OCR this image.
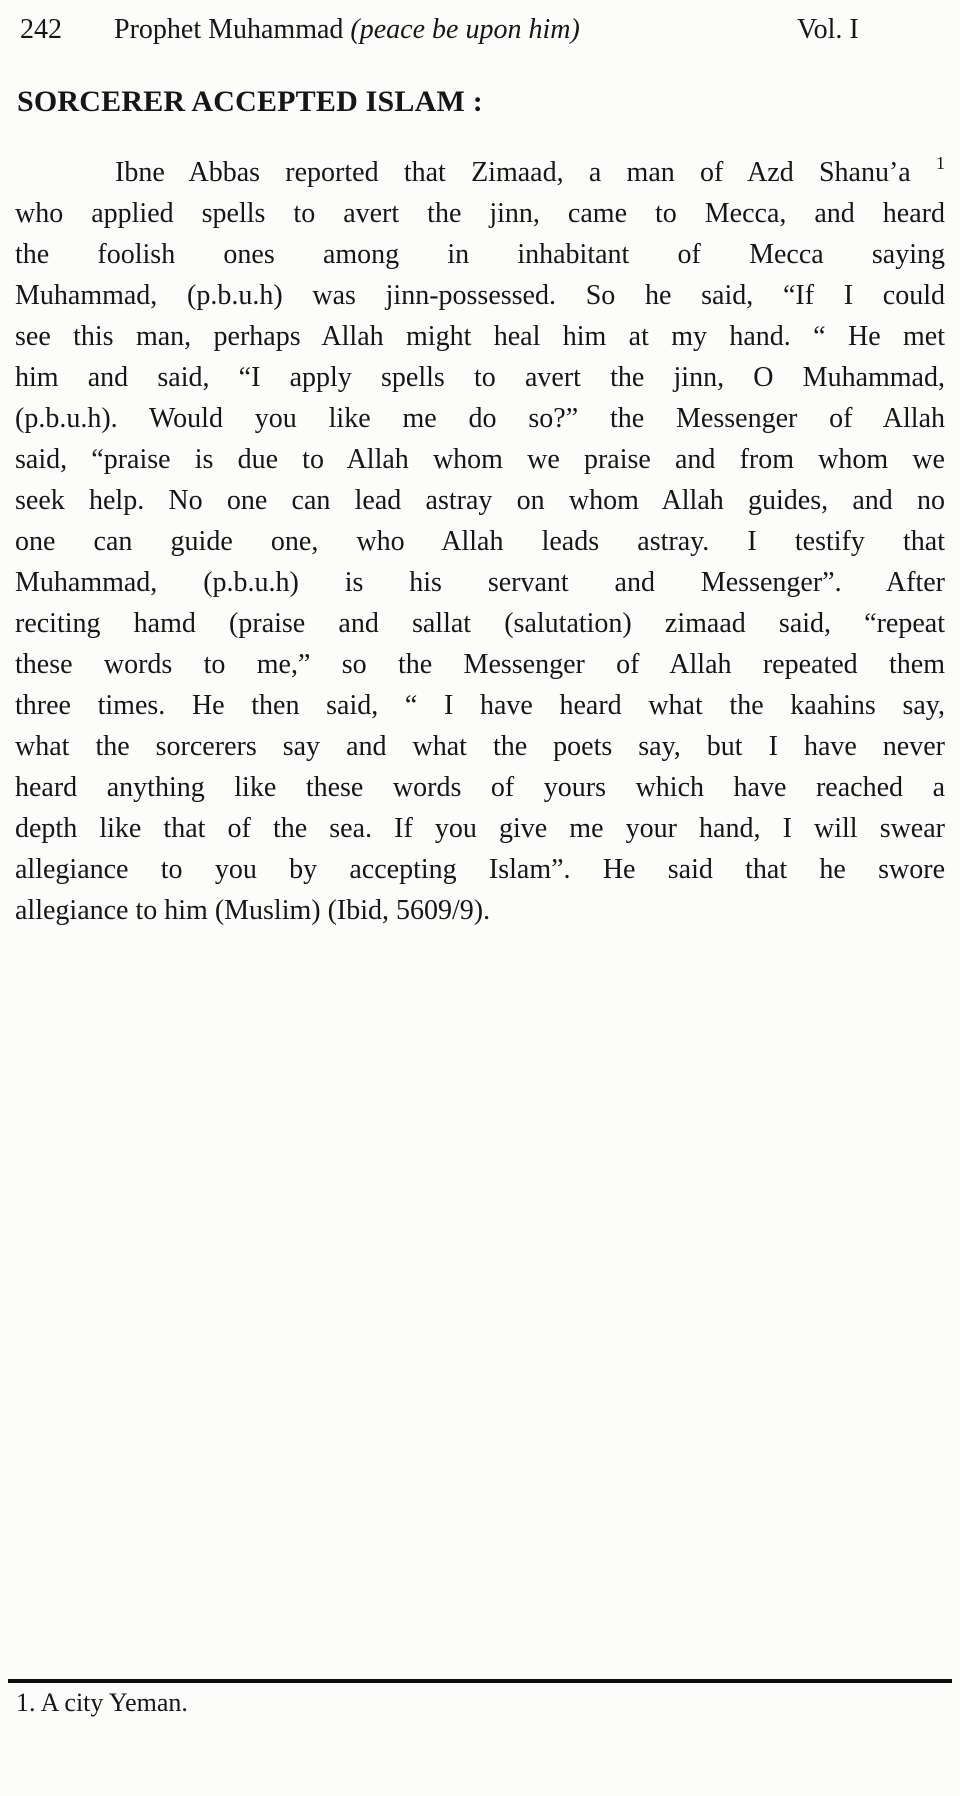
242 Prophet Muhammad (peace be upon him)	Vol. I
SORCERER ACCEPTED ISLAM :
Ibne Abbas reported that Zimaad, a man of Azd Shanu’a $^1$
who applied spells to avert the jinn, came to Mecca, and heard
the foolish ones among in inhabitant of Mecca saying
Muhammad, (p.b.u.h) was jinn-possessed. So he said, “If I could
see this man, perhaps Allah might heal him at my hand. “ He met
him and said, “I apply spells to avert the jinn, O Muhammad,
(p.b.u.h). Would you like me do so?” the Messenger of Allah
said, “praise is due to Allah whom we praise and from whom we
seek help. No one can lead astray on whom Allah guides, and no
one can guide one, who Allah leads astray. I testify that
Muhammad, (p.b.u.h) is his servant and Messenger”. After
reciting hamd (praise and sallat (salutation) zimaad said, “repeat
these words to me,” so the Messenger of Allah repeated them
three times. He then said, “ I have heard what the kaahins say,
what the sorcerers say and what the poets say, but I have never
heard anything like these words of yours which have reached a
depth like that of the sea. If you give me your hand, I will swear
allegiance to you by accepting Islam”. He said that he swore
allegiance to him (Muslim) (Ibid, 5609/9).
1. A city Yeman.
